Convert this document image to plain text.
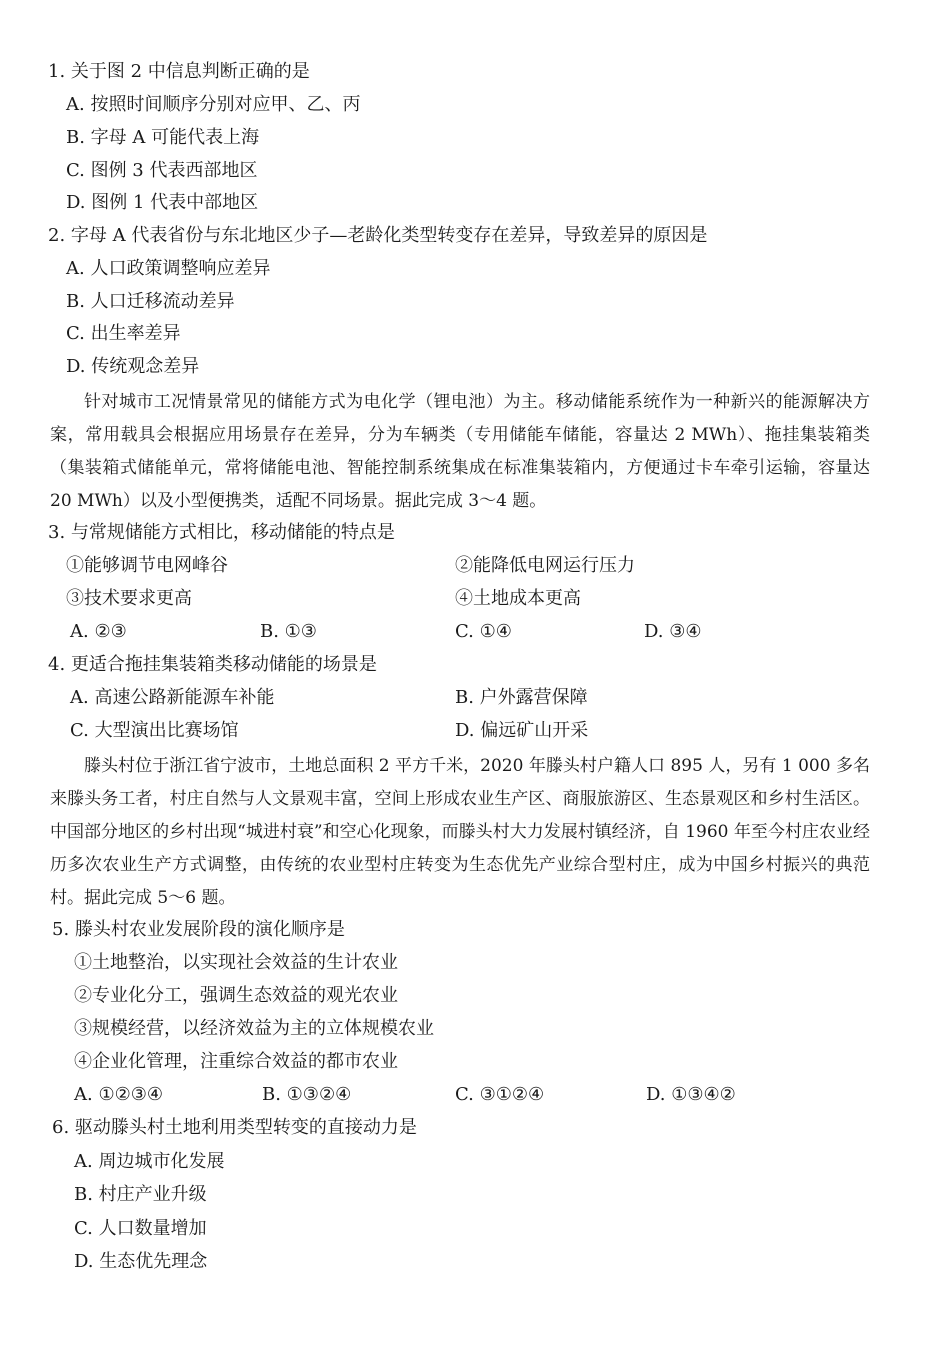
1. 关于图 2 中信息判断正确的是
A. 按照时间顺序分别对应甲、乙、丙
B. 字母 A 可能代表上海
C. 图例 3 代表西部地区
D. 图例 1 代表中部地区
2. 字母 A 代表省份与东北地区少子—老龄化类型转变存在差异，导致差异的原因是
A. 人口政策调整响应差异
B. 人口迁移流动差异
C. 出生率差异
D. 传统观念差异
针对城市工况情景常见的储能方式为电化学（锂电池）为主。移动储能系统作为一种新兴的能源解决方案，常用载具会根据应用场景存在差异，分为车辆类（专用储能车储能，容量达 2 MWh）、拖挂集装箱类（集装箱式储能单元，常将储能电池、智能控制系统集成在标准集装箱内，方便通过卡车牵引运输，容量达 20 MWh）以及小型便携类，适配不同场景。据此完成 3～4 题。
3. 与常规储能方式相比，移动储能的特点是
①能够调节电网峰谷	②能降低电网运行压力
③技术要求更高	④土地成本更高
A. ②③	B. ①③	C. ①④	D. ③④
4. 更适合拖挂集装箱类移动储能的场景是
A. 高速公路新能源车补能	B. 户外露营保障
C. 大型演出比赛场馆	D. 偏远矿山开采
滕头村位于浙江省宁波市，土地总面积 2 平方千米，2020 年滕头村户籍人口 895 人，另有 1 000 多名来滕头务工者，村庄自然与人文景观丰富，空间上形成农业生产区、商服旅游区、生态景观区和乡村生活区。中国部分地区的乡村出现“城进村衰”和空心化现象，而滕头村大力发展村镇经济，自 1960 年至今村庄农业经历多次农业生产方式调整，由传统的农业型村庄转变为生态优先产业综合型村庄，成为中国乡村振兴的典范村。据此完成 5～6 题。
5. 滕头村农业发展阶段的演化顺序是
①土地整治，以实现社会效益的生计农业
②专业化分工，强调生态效益的观光农业
③规模经营，以经济效益为主的立体规模农业
④企业化管理，注重综合效益的都市农业
A. ①②③④	B. ①③②④	C. ③①②④	D. ①③④②
6. 驱动滕头村土地利用类型转变的直接动力是
A. 周边城市化发展
B. 村庄产业升级
C. 人口数量增加
D. 生态优先理念
